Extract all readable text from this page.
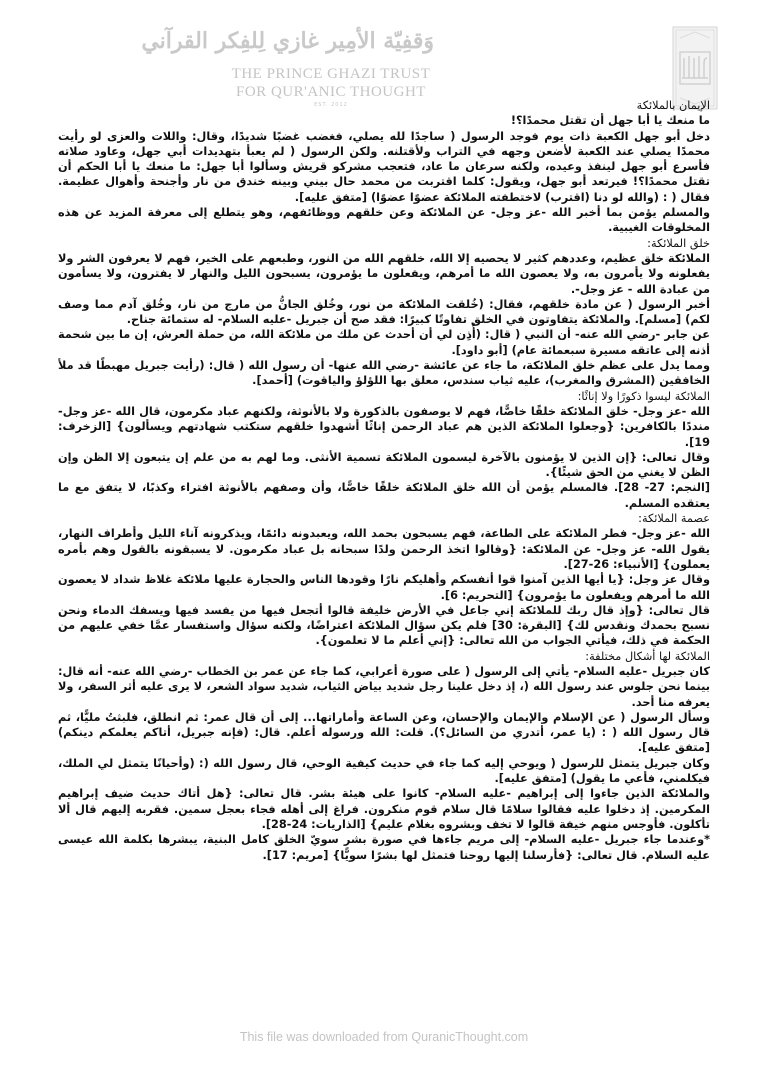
وَقفِيّة الأمِير غازي لِلفِكر القرآني
THE PRINCE GHAZI TRUST
FOR QUR'ANIC THOUGHT
EST. 2012	الإيمان بالملائكة

ما منعك يا أبا جهل أن تقتل محمدًا؟!

دخل أبو جهل الكعبة ذات يوم فوجد الرسول ( ساجدًا لله يصلي، فغضب غضبًا شديدًا، وقال: واللات والعزى لو رأيت محمدًا يصلي عند الكعبة لأضعن وجهه في التراب ولأقتلنه. ولكن الرسول ( لم يعبأ بتهديدات أبي جهل، وعاود صلاته فأسرع أبو جهل لينفذ وعيده، ولكنه سرعان ما عاد، فتعجب مشركو قريش وسألوا أبا جهل: ما منعك يا أبا الحكم أن تقتل محمدًا؟! فيرتعد أبو جهل، ويقول: كلما اقتربت من محمد حال بيني وبينه خندق من نار وأجنحة وأهوال عظيمة. فقال ( : (والله لو دنا (اقترب) لاختطفته الملائكة عضوًا عضوًا) [متفق عليه].

والمسلم يؤمن بما أخبر الله -عز وجل- عن الملائكة وعن خلقهم ووظائفهم، وهو يتطلع إلى معرفة المزيد عن هذه المخلوقات الغيبية.

خلق الملائكة:

الملائكة خلق عظيم، وعددهم كثير لا يحصيه إلا الله، خلقهم الله من النور، وطبعهم على الخير، فهم لا يعرفون الشر ولا يفعلونه ولا يأمرون به، ولا يعصون الله ما أمرهم، ويفعلون ما يؤمرون، يسبحون الليل والنهار لا يفترون، ولا يسأمون من عبادة الله - عز وجل-.

أخبر الرسول ( عن مادة خلقهم، فقال: (خُلقت الملائكة من نور، وخُلق الجانُّ من مارج من نار، وخُلق آدم مما وصف لكم) [مسلم]. والملائكة يتفاوتون في الخلق تفاوتًا كبيرًا: فقد صح أن جبريل -عليه السلام- له ستمائة جناح.

عن جابر -رضي الله عنه- أن النبي ( قال: (أُذِن لي أن أحدث عن ملك من ملائكة الله، من حملة العرش، إن ما بين شحمة أذنه إلى عاتقه مسيرة سبعمائة عام) [أبو داود].

ومما يدل على عظم خلق الملائكة، ما جاء عن عائشة -رضي الله عنها- أن رسول الله ( قال: (رأيت جبريل مهبطًا قد ملأ الخافقين (المشرق والمغرب)، عليه ثياب سندس، معلق بها اللؤلؤ والياقوت) [أحمد].

الملائكة ليسوا ذكورًا ولا إناثًا:

الله -عز وجل- خلق الملائكة خلقًا خاصًّا، فهم لا يوصفون بالذكورة ولا بالأنوثة، ولكنهم عباد مكرمون، قال الله -عز وجل- منددًا بالكافرين: {وجعلوا الملائكة الذين هم عباد الرحمن إناثًا أشهدوا خلقهم ستكتب شهادتهم ويسألون} [الزخرف: 19].

وقال تعالى: {إن الذين لا يؤمنون بالآخرة ليسمون الملائكة تسمية الأنثى. وما لهم به من علم إن يتبعون إلا الظن وإن الظن لا يغني من الحق شيئًا}.

[النجم: 27- 28]. فالمسلم يؤمن أن الله خلق الملائكة خلقًا خاصًّا، وأن وصفهم بالأنوثة افتراء وكذبًا، لا يتفق مع ما يعتقده المسلم.

عصمة الملائكة:

الله -عز وجل- فطر الملائكة على الطاعة، فهم يسبحون بحمد الله، ويعبدونه دائمًا، ويذكرونه آناء الليل وأطراف النهار، يقول الله- عز وجل- عن الملائكة: {وقالوا اتخذ الرحمن ولدًا سبحانه بل عباد مكرمون. لا يسبقونه بالقول وهم بأمره يعملون} [الأنبياء: 26-27].

وقال عز وجل: {يا أيها الذين آمنوا قوا أنفسكم وأهليكم نارًا وقودها الناس والحجارة عليها ملائكة غلاظ شداد لا يعصون الله ما أمرهم ويفعلون ما يؤمرون} [التحريم: 6].

قال تعالى: {وإذ قال ربك للملائكة إني جاعل في الأرض خليفة قالوا أتجعل فيها من يفسد فيها ويسفك الدماء ونحن نسبح بحمدك ونقدس لك} [البقرة: 30] فلم يكن سؤال الملائكة اعتراضًا، ولكنه سؤال واستفسار عمَّا خفي عليهم من الحكمة في ذلك، فيأتي الجواب من الله تعالى: {إني أعلم ما لا تعلمون}.

الملائكة لها أشكال مختلفة:

كان جبريل -عليه السلام- يأتي إلى الرسول ( على صورة أعرابي، كما جاء عن عمر بن الخطاب -رضي الله عنه- أنه قال: بينما نحن جلوس عند رسول الله (، إذ دخل علينا رجل شديد بياض الثياب، شديد سواد الشعر، لا يرى عليه أثر السفر، ولا يعرفه منا أحد.

وسأل الرسول ( عن الإسلام والإيمان والإحسان، وعن الساعة وأماراتها... إلى أن قال عمر: ثم انطلق، فلبثتُ مليًّا، ثم قال رسول الله ( : (يا عمر، أتدري من السائل؟). قلت: الله ورسوله أعلم. قال: (فإنه جبريل، أتاكم يعلمكم دينكم) [متفق عليه].

وكان جبريل يتمثل للرسول ( ويوحي إليه كما جاء في حديث كيفية الوحي، قال رسول الله (: (وأحيانًا يتمثل لي الملك، فيكلمني، فأعي ما يقول) [متفق عليه].

والملائكة الذين جاءوا إلى إبراهيم -عليه السلام- كانوا على هيئة بشر. قال تعالى: {هل أتاك حديث ضيف إبراهيم المكرمين. إذ دخلوا عليه فقالوا سلامًا قال سلام قوم منكرون. فراغ إلى أهله فجاء بعجل سمين. فقربه إليهم قال ألا تأكلون. فأوجس منهم خيفة قالوا لا تخف وبشروه بغلام عليم} [الذاريات: 24-28].

*وعندما جاء جبريل -عليه السلام- إلى مريم جاءها في صورة بشر سويّ الخلق كامل البنية، يبشرها بكلمة الله عيسى عليه السلام. قال تعالى: {فأرسلنا إليها روحنا فتمثل لها بشرًا سويًّا} [مريم: 17].

This file was downloaded from QuranicThought.com
